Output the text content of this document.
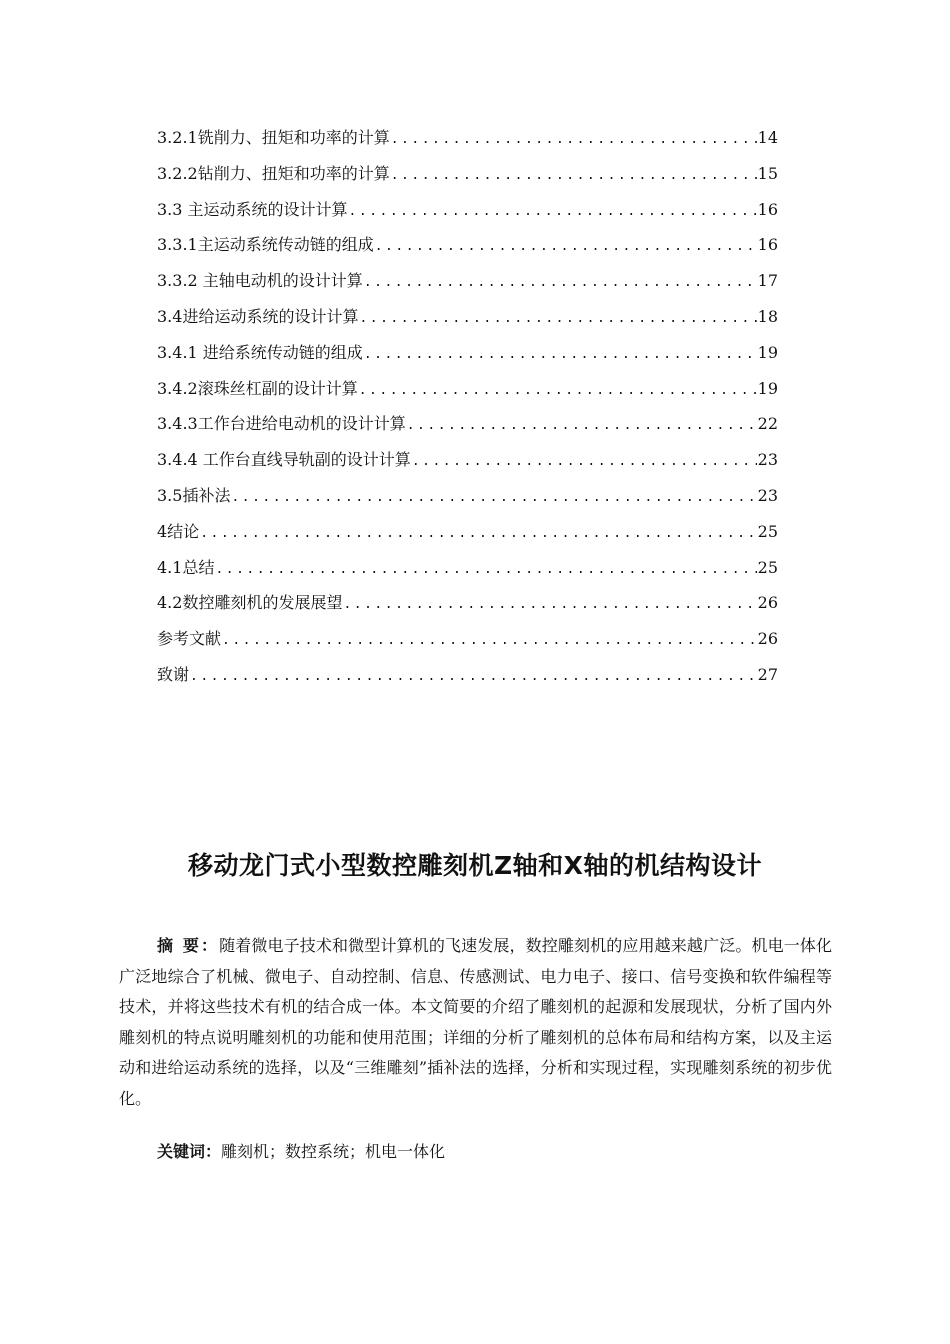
3.2.1铣削力、扭矩和功率的计算 .....	14
3.2.2钻削力、扭矩和功率的计算 .....	15
3.3 主运动系统的设计计算 .....	16
3.3.1主运动系统传动链的组成 .....	16
3.3.2 主轴电动机的设计计算 .....	17
3.4进给运动系统的设计计算 .....	18
3.4.1 进给系统传动链的组成 .....	19
3.4.2滚珠丝杠副的设计计算 .....	19
3.4.3工作台进给电动机的设计计算 .....	22
3.4.4 工作台直线导轨副的设计计算 .....	23
3.5插补法 .....	23
4结论 .....	25
4.1总结 .....	25
4.2数控雕刻机的发展展望 .....	26
参考文献 .....	26
致谢 .....	27
移动龙门式小型数控雕刻机Z轴和X轴的机结构设计

摘 要：随着微电子技术和微型计算机的飞速发展，数控雕刻机的应用越来越广泛。机电一体化广泛地综合了机械、微电子、自动控制、信息、传感测试、电力电子、接口、信号变换和软件编程等技术，并将这些技术有机的结合成一体。本文简要的介绍了雕刻机的起源和发展现状，分析了国内外雕刻机的特点说明雕刻机的功能和使用范围；详细的分析了雕刻机的总体布局和结构方案，以及主运动和进给运动系统的选择，以及“三维雕刻”插补法的选择，分析和实现过程，实现雕刻系统的初步优化。

关键词：雕刻机；数控系统；机电一体化
